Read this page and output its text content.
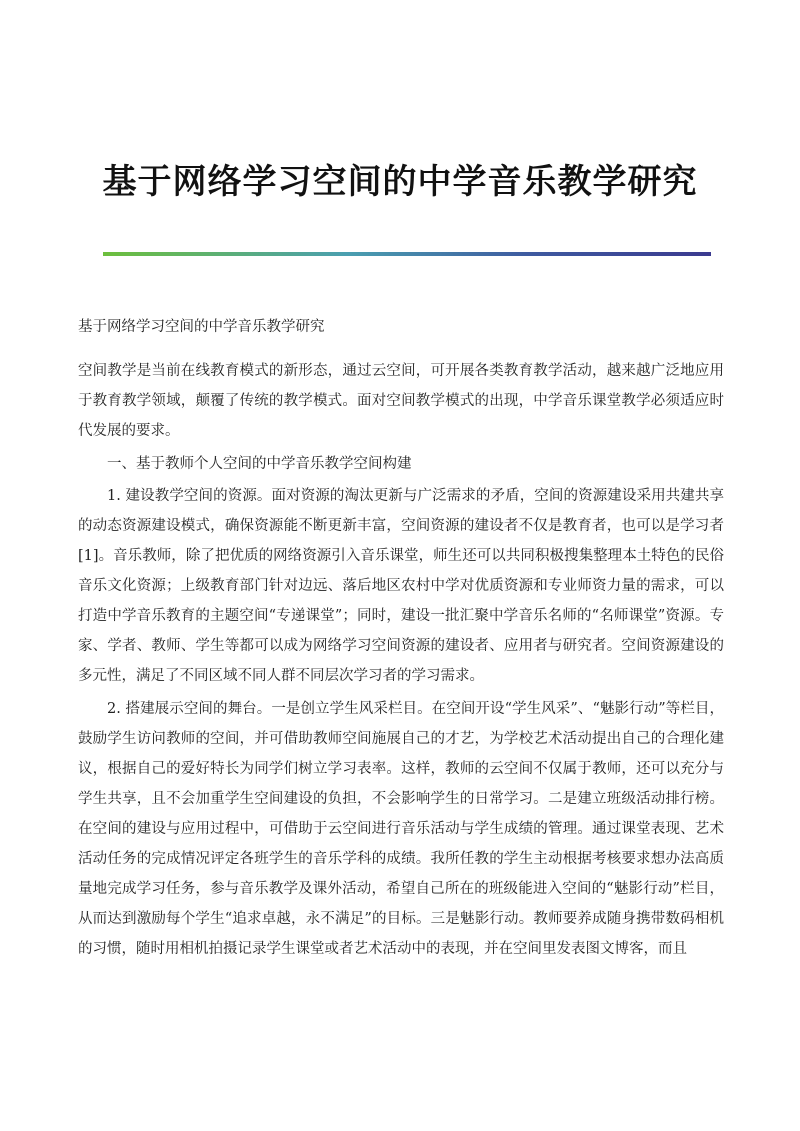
基于网络学习空间的中学音乐教学研究

基于网络学习空间的中学音乐教学研究

空间教学是当前在线教育模式的新形态，通过云空间，可开展各类教育教学活动，越来越广泛地应用于教育教学领域，颠覆了传统的教学模式。面对空间教学模式的出现，中学音乐课堂教学必须适应时代发展的要求。

一、基于教师个人空间的中学音乐教学空间构建

1. 建设教学空间的资源。面对资源的淘汰更新与广泛需求的矛盾，空间的资源建设采用共建共享的动态资源建设模式，确保资源能不断更新丰富，空间资源的建设者不仅是教育者，也可以是学习者[1]。音乐教师，除了把优质的网络资源引入音乐课堂，师生还可以共同积极搜集整理本土特色的民俗音乐文化资源；上级教育部门针对边远、落后地区农村中学对优质资源和专业师资力量的需求，可以打造中学音乐教育的主题空间“专递课堂”；同时，建设一批汇聚中学音乐名师的“名师课堂”资源。专家、学者、教师、学生等都可以成为网络学习空间资源的建设者、应用者与研究者。空间资源建设的多元性，满足了不同区域不同人群不同层次学习者的学习需求。

2. 搭建展示空间的舞台。一是创立学生风采栏目。在空间开设“学生风采”、“魅影行动”等栏目，鼓励学生访问教师的空间，并可借助教师空间施展自己的才艺，为学校艺术活动提出自己的合理化建议，根据自己的爱好特长为同学们树立学习表率。这样，教师的云空间不仅属于教师，还可以充分与学生共享，且不会加重学生空间建设的负担，不会影响学生的日常学习。二是建立班级活动排行榜。在空间的建设与应用过程中，可借助于云空间进行音乐活动与学生成绩的管理。通过课堂表现、艺术活动任务的完成情况评定各班学生的音乐学科的成绩。我所任教的学生主动根据考核要求想办法高质量地完成学习任务，参与音乐教学及课外活动，希望自己所在的班级能进入空间的“魅影行动”栏目，从而达到激励每个学生“追求卓越，永不满足”的目标。三是魅影行动。教师要养成随身携带数码相机的习惯，随时用相机拍摄记录学生课堂或者艺术活动中的表现，并在空间里发表图文博客，而且
